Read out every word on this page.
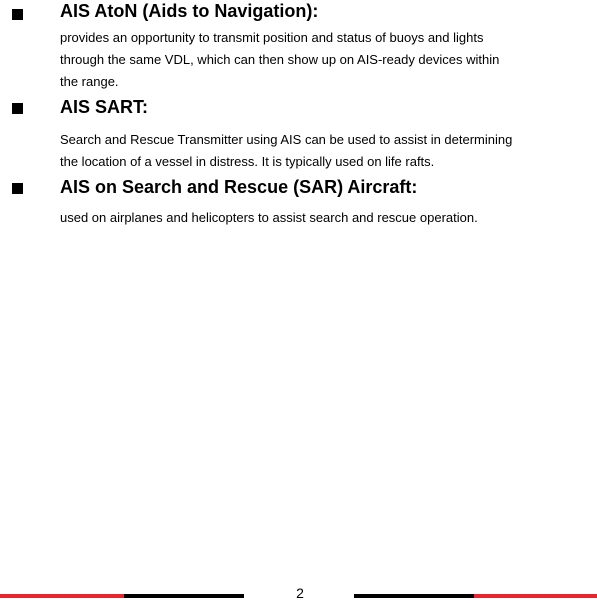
AIS AtoN (Aids to Navigation):
provides an opportunity to transmit position and status of buoys and lights
through the same VDL, which can then show up on AIS-ready devices within
the range.
AIS SART:
Search and Rescue Transmitter using AIS can be used to assist in determining
the location of a vessel in distress. It is typically used on life rafts.
AIS on Search and Rescue (SAR) Aircraft:
used on airplanes and helicopters to assist search and rescue operation.
2
